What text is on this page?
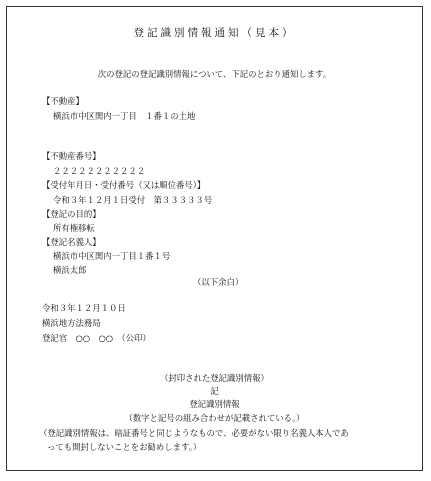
登記識別情報通知（見本）
次の登記の登記識別情報について、下記のとおり通知します。
【不動産】
横浜市中区関内一丁目　１番１の土地
【不動産番号】
２２２２２２２２２２２
【受付年月日・受付番号（又は順位番号）】
令和３年１２月１日受付　第３３３３３号
【登記の目的】
所有権移転
【登記名義人】
横浜市中区関内一丁目１番１号
横浜太郎
（以下余白）
令和３年１２月１０日
横浜地方法務局
登記官　○○　○○　（公印）
（封印された登記識別情報）
記
登記識別情報
（数字と記号の組み合わせが記載されている。）
（登記識別情報は、暗証番号と同じようなもので、必要がない限り名義人本人であ
っても開封しないことをお勧めします。）
